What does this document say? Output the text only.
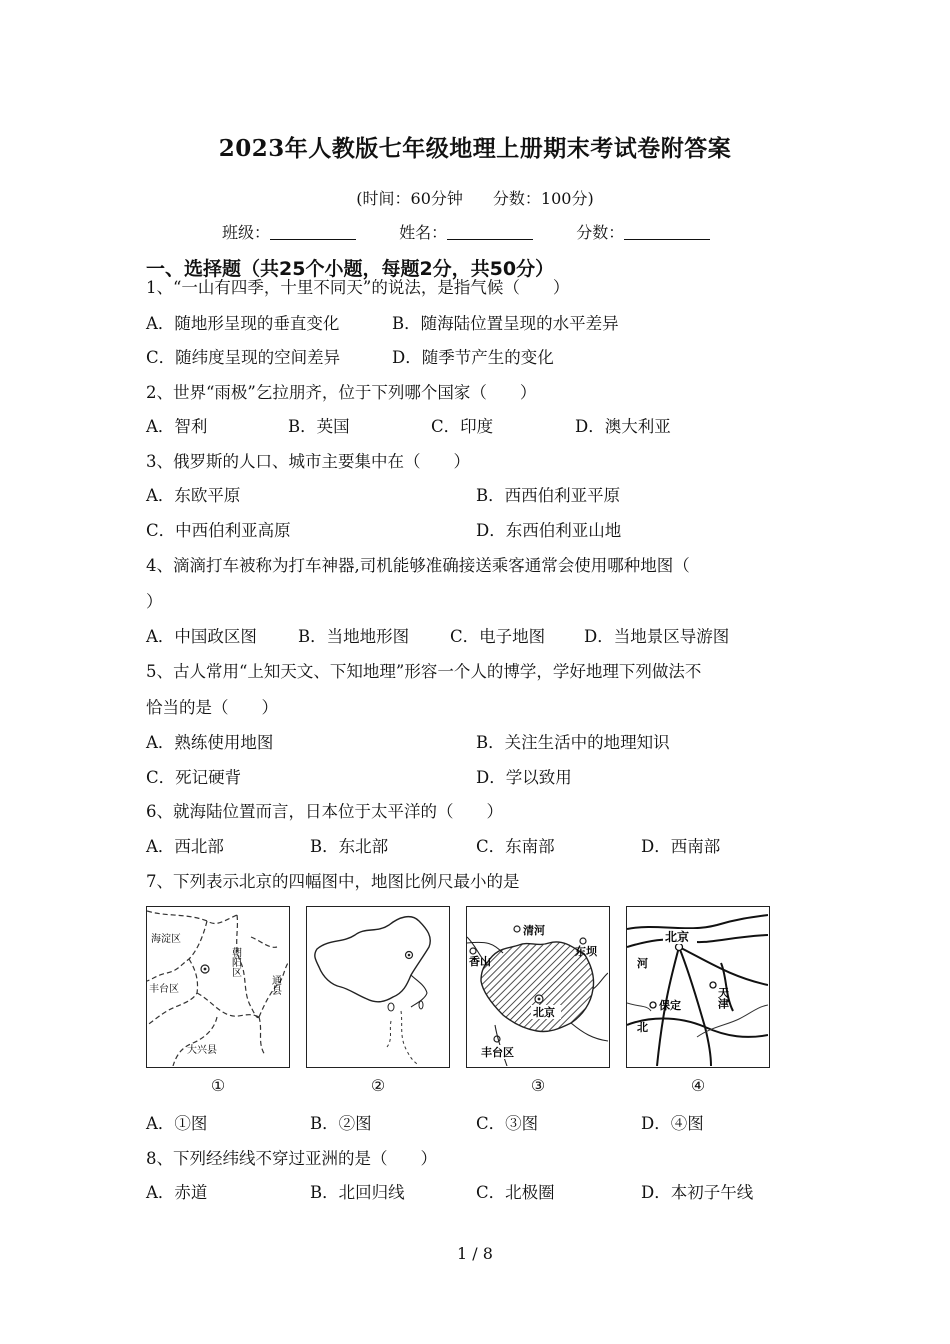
2023年人教版七年级地理上册期末考试卷附答案
(时间：60分钟 分数：100分)
班级：	姓名：	分数：
一、选择题（共25个小题，每题2分，共50分）
1、“一山有四季，十里不同天”的说法，是指气候（　　）
A．随地形呈现的垂直变化	B．随海陆位置呈现的水平差异
C．随纬度呈现的空间差异	D．随季节产生的变化
2、世界“雨极”乞拉朋齐，位于下列哪个国家（　　）
A．智利	B．英国	C．印度	D．澳大利亚
3、俄罗斯的人口、城市主要集中在（　　）
A．东欧平原	B．西西伯利亚平原
C．中西伯利亚高原	D．东西伯利亚山地
4、滴滴打车被称为打车神器,司机能够准确接送乘客通常会使用哪种地图（
）
A．中国政区图 B．当地地形图 C．电子地图 D．当地景区导游图
5、古人常用“上知天文、下知地理”形容一个人的博学，学好地理下列做法不
恰当的是（　　）
A．熟练使用地图	B．关注生活中的地理知识
C．死记硬背	D．学以致用
6、就海陆位置而言，日本位于太平洋的（　　）
A．西北部	B．东北部	C．东南部	D．西南部
7、下列表示北京的四幅图中，地图比例尺最小的是
海淀区
朝阳区
丰台区	通县
大兴县
清河
香山
东坝
北京
丰台区
北京
河
天津
保定
北
①	②	③	④
A．①图	B．②图	C．③图	D．④图
8、下列经纬线不穿过亚洲的是（　　）
A．赤道	B．北回归线	C．北极圈	D．本初子午线
1 / 8
